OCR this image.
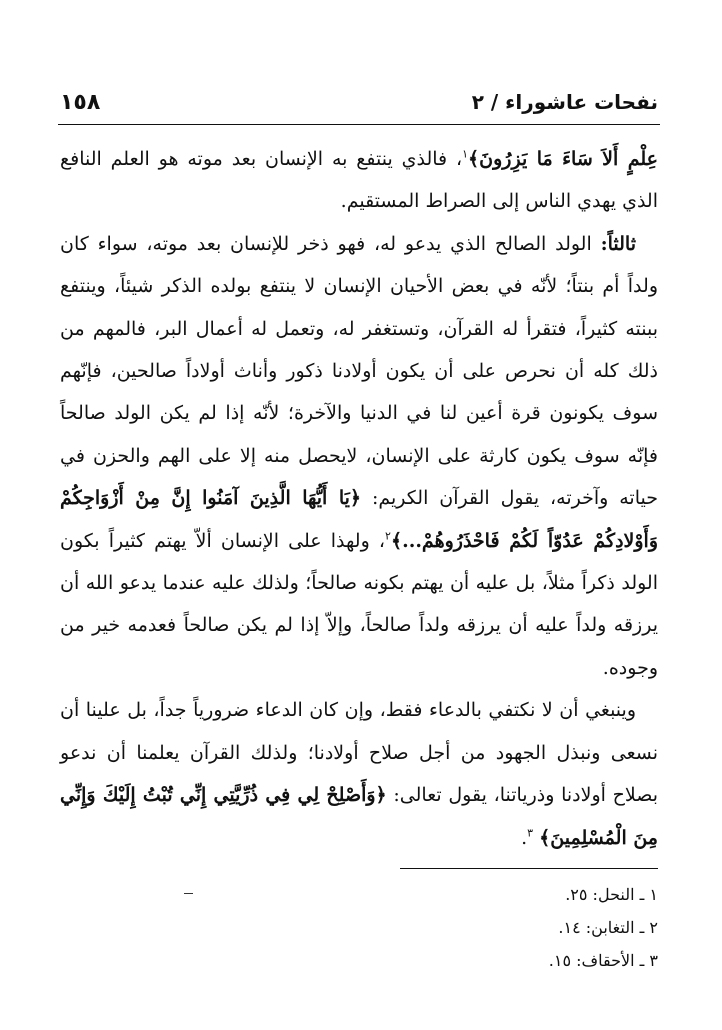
١٥٨	نفحات عاشوراء / ٢

عِلْمٍ أَلاَ سَاءَ مَا يَزِرُونَ﴾$^١$، فالذي ينتفع به الإنسان بعد موته هو العلم النافع الذي يهدي الناس إلى الصراط المستقيم.

ثالثاً: الولد الصالح الذي يدعو له، فهو ذخر للإنسان بعد موته، سواء كان ولداً أم بنتاً؛ لأنّه في بعض الأحيان الإنسان لا ينتفع بولده الذكر شيئاً، وينتفع ببنته كثيراً، فتقرأ له القرآن، وتستغفر له، وتعمل له أعمال البر، فالمهم من ذلك كله أن نحرص على أن يكون أولادنا ذكور وأناث أولاداً صالحين، فإنّهم سوف يكونون قرة أعين لنا في الدنيا والآخرة؛ لأنّه إذا لم يكن الولد صالحاً فإنّه سوف يكون كارثة على الإنسان، لايحصل منه إلا على الهم والحزن في حياته وآخرته، يقول القرآن الكريم: ﴿يَا أَيُّهَا الَّذِينَ آمَنُوا إِنَّ مِنْ أَزْوَاجِكُمْ وَأَوْلادِكُمْ عَدُوّاً لَكُمْ فَاحْذَرُوهُمْ...﴾$^٢$، ولهذا على الإنسان ألاّ يهتم كثيراً بكون الولد ذكراً مثلاً، بل عليه أن يهتم بكونه صالحاً؛ ولذلك عليه عندما يدعو الله أن يرزقه ولداً عليه أن يرزقه ولداً صالحاً، وإلاّ إذا لم يكن صالحاً فعدمه خير من وجوده.

وينبغي أن لا نكتفي بالدعاء فقط، وإن كان الدعاء ضرورياً جداً، بل علينا أن نسعى ونبذل الجهود من أجل صلاح أولادنا؛ ولذلك القرآن يعلمنا أن ندعو بصلاح أولادنا وذرياتنا، يقول تعالى: ﴿وَأَصْلِحْ لِي فِي ذُرِّيَّتِي إِنِّي تُبْتُ إِلَيْكَ وَإِنِّي مِنَ الْمُسْلِمِينَ﴾ $^٣$.

١ ـ النحل: ٢٥.

٢ ـ التغابن: ١٤.

٣ ـ الأحقاف: ١٥.
